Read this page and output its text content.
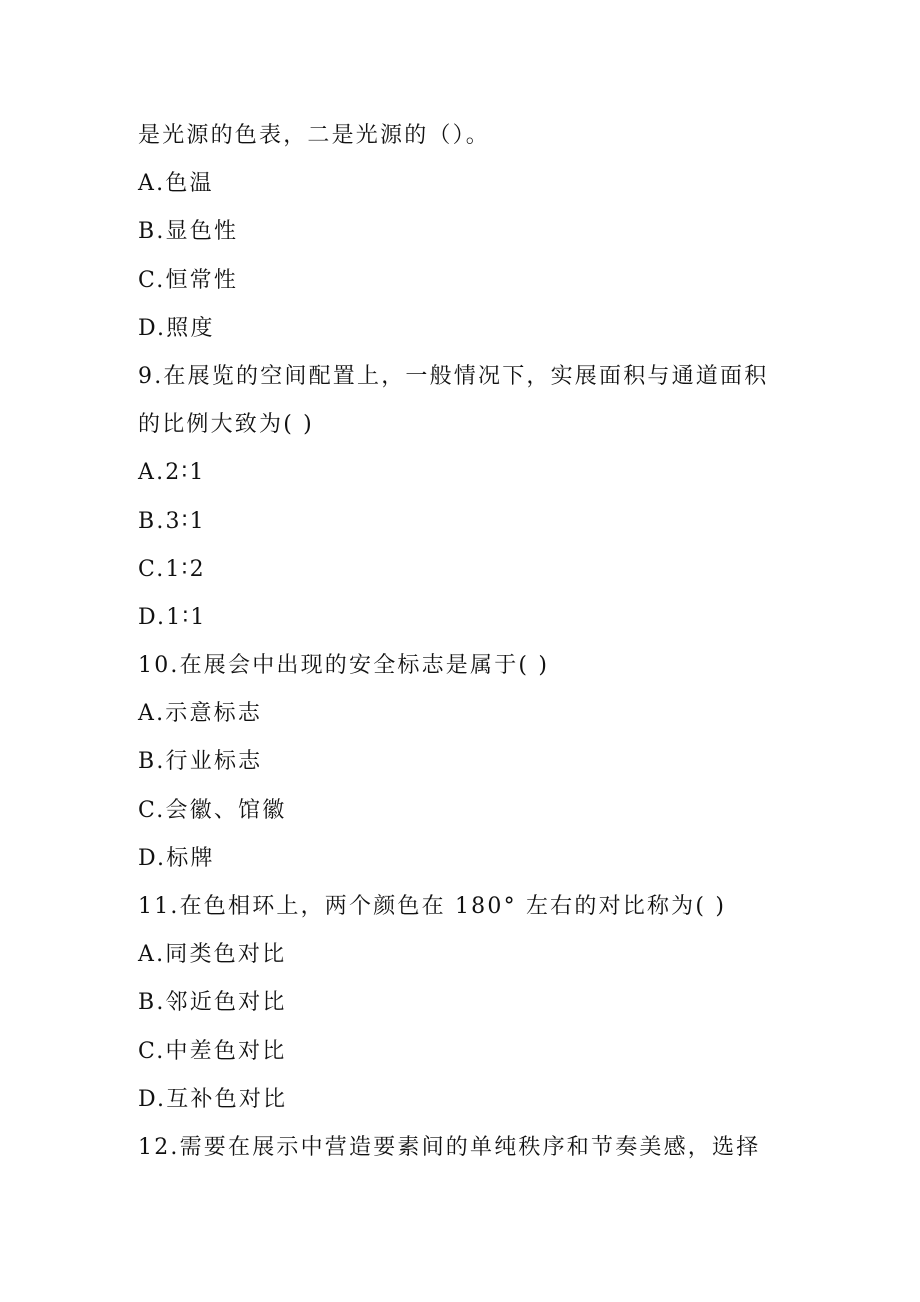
是光源的色表，二是光源的（）。
A.色温
B.显色性
C.恒常性
D.照度
9.在展览的空间配置上，一般情况下，实展面积与通道面积
的比例大致为( )
A.2∶1
B.3∶1
C.1∶2
D.1∶1
10.在展会中出现的安全标志是属于( )
A.示意标志
B.行业标志
C.会徽、馆徽
D.标牌
11.在色相环上，两个颜色在 180° 左右的对比称为( )
A.同类色对比
B.邻近色对比
C.中差色对比
D.互补色对比
12.需要在展示中营造要素间的单纯秩序和节奏美感，选择
